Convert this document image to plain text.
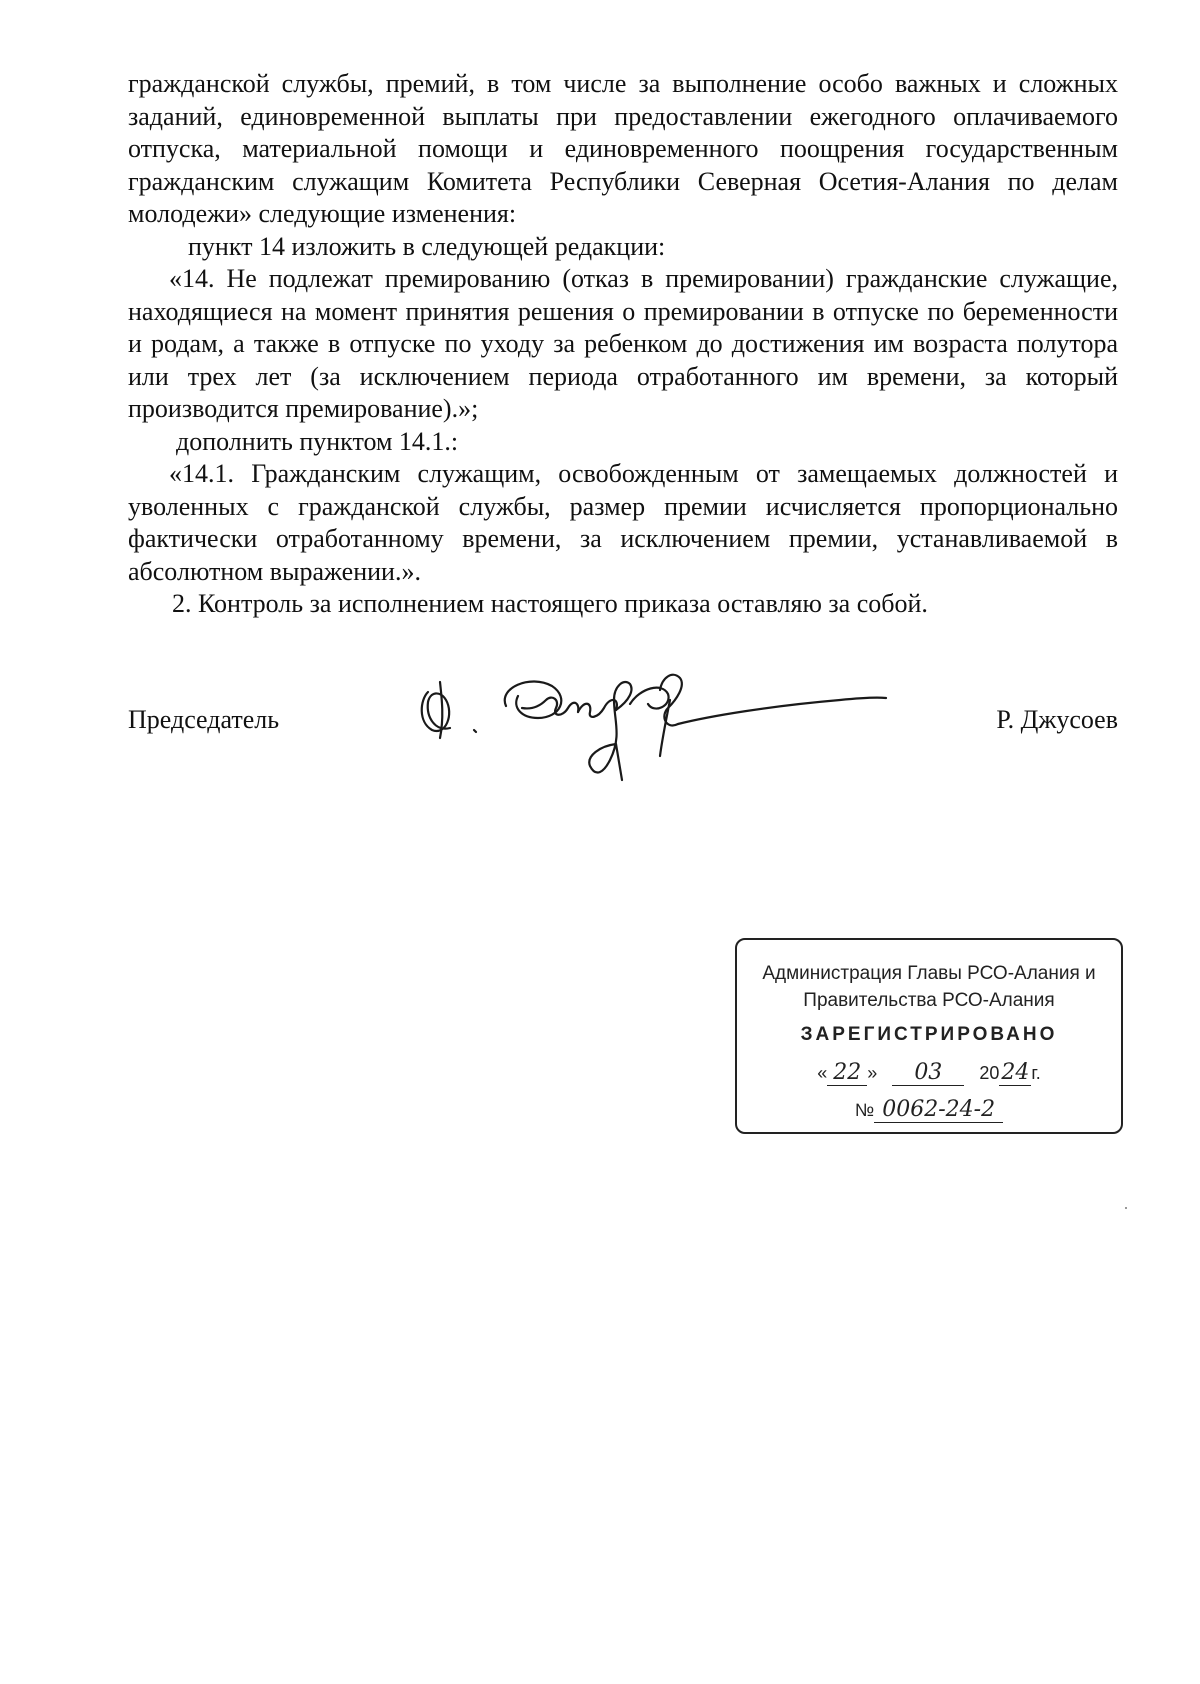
гражданской службы, премий, в том числе за выполнение особо важных и сложных заданий, единовременной выплаты при предоставлении ежегодного оплачиваемого отпуска, материальной помощи и единовременного поощрения государственным гражданским служащим Комитета Республики Северная Осетия-Алания по делам молодежи» следующие изменения:

пункт 14 изложить в следующей редакции:

«14. Не подлежат премированию (отказ в премировании) гражданские служащие, находящиеся на момент принятия решения о премировании в отпуске по беременности и родам, а также в отпуске по уходу за ребенком до достижения им возраста полутора или трех лет (за исключением периода отработанного им времени, за который производится премирование).»;

дополнить пунктом 14.1.:

«14.1. Гражданским служащим, освобожденным от замещаемых должностей и уволенных с гражданской службы, размер премии исчисляется пропорционально фактически отработанному времени, за исключением премии, устанавливаемой в абсолютном выражении.».

2. Контроль за исполнением настоящего приказа оставляю за собой.

Председатель	Р. Джусоев
Администрация Главы РСО-Алания и
Правительства РСО-Алания
ЗАРЕГИСТРИРОВАНО
« 22 » 03 2024 г.
№ 0062-24-2
